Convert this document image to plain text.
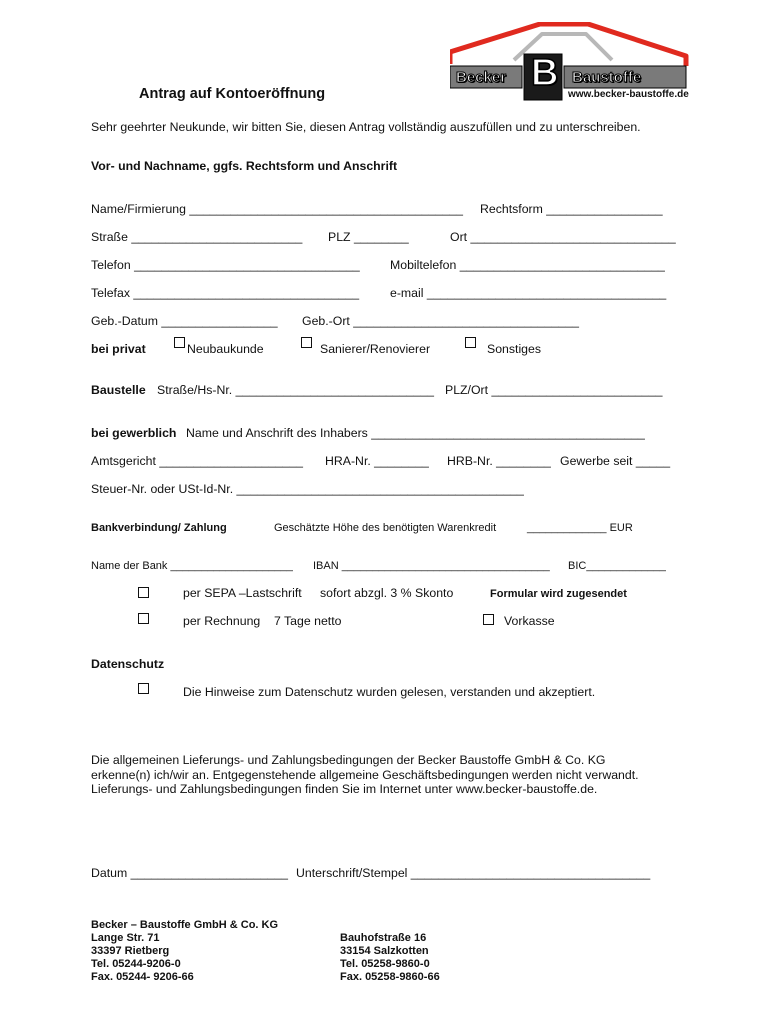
Becker B Baustoffe
www.becker-baustoffe.de
Antrag auf Kontoeröffnung
Sehr geehrter Neukunde, wir bitten Sie, diesen Antrag vollständig auszufüllen und zu unterschreiben.
Vor- und Nachname, ggfs. Rechtsform und Anschrift
Name/Firmierung ________________________________________ Rechtsform _________________
Straße _________________________ PLZ ________	Ort ______________________________
Telefon _________________________________ Mobiltelefon ______________________________
Telefax _________________________________	e-mail ___________________________________
Geb.-Datum _________________ Geb.-Ort _________________________________
bei privat	Neubaukunde	Sanierer/Renovierer	Sonstiges
Baustelle Straße/Hs-Nr. _____________________________ PLZ/Ort _________________________
bei gewerblich Name und Anschrift des Inhabers ________________________________________
Amtsgericht _____________________ HRA-Nr. ________ HRB-Nr. ________ Gewerbe seit _____
Steuer-Nr. oder USt-Id-Nr. __________________________________________
Bankverbindung/ Zahlung	Geschätzte Höhe des benötigten Warenkredit	_____________ EUR
Name der Bank ____________________ IBAN __________________________________ BIC_____________
per SEPA –Lastschrift sofort abzgl. 3 % Skonto	Formular wird zugesendet
per Rechnung 7 Tage netto	Vorkasse
Datenschutz
Die Hinweise zum Datenschutz wurden gelesen, verstanden und akzeptiert.
Die allgemeinen Lieferungs- und Zahlungsbedingungen der Becker Baustoffe GmbH & Co. KG
erkenne(n) ich/wir an. Entgegenstehende allgemeine Geschäftsbedingungen werden nicht verwandt.
Lieferungs- und Zahlungsbedingungen finden Sie im Internet unter www.becker-baustoffe.de.
Datum _______________________ Unterschrift/Stempel ___________________________________
Becker – Baustoffe GmbH & Co. KG
Lange Str. 71
33397 Rietberg
Tel. 05244-9206-0
Fax. 05244- 9206-66
Bauhofstraße 16
33154 Salzkotten
Tel. 05258-9860-0
Fax. 05258-9860-66
